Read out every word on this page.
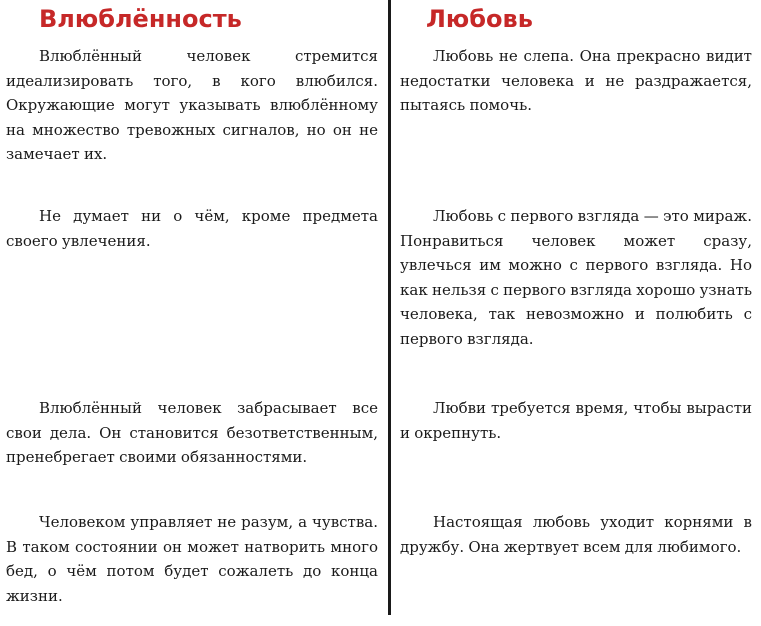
Влюблённость

Влюблённый человек стремится идеализировать того, в кого влюбился. Окружающие могут указывать влюблённому на множество тревожных сигналов, но он не замечает их.

Не думает ни о чём, кроме предмета своего увлечения.

Влюблённый человек забрасывает все свои дела. Он становится безответственным, пренебрегает своими обязанностями.

Человеком управляет не разум, а чувства. В таком состоянии он может натворить много бед, о чём потом будет сожалеть до конца жизни.

Любовь

Любовь не слепа. Она прекрасно видит недостатки человека и не раздражается, пытаясь помочь.

Любовь с первого взгляда — это мираж. Понравиться человек может сразу, увлечься им можно с первого взгляда. Но как нельзя с первого взгляда хорошо узнать человека, так невозможно и полюбить с первого взгляда.

Любви требуется время, чтобы вырасти и окрепнуть.

Настоящая любовь уходит корнями в дружбу. Она жертвует всем для любимого.
